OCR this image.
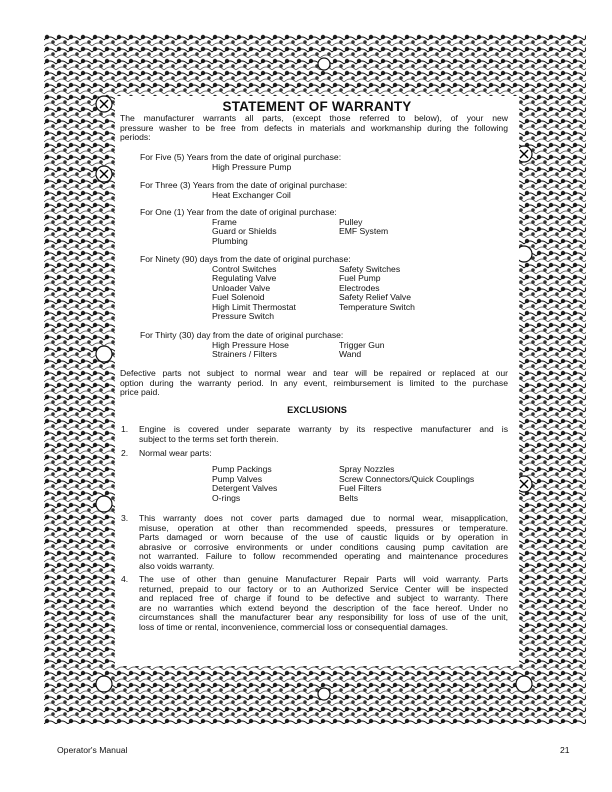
STATEMENT OF WARRANTY
The manufacturer warrants all parts, (except those referred to below), of your new
pressure washer to be free from defects in materials and workmanship during the following
periods:
For Five (5) Years from the date of original purchase:
High Pressure Pump
For Three (3) Years from the date of original purchase:
Heat Exchanger Coil
For One (1) Year from the date of original purchase:
Frame
Guard or Shields
Plumbing
Pulley
EMF System
For Ninety (90) days from the date of original purchase:
Control Switches
Regulating Valve
Unloader Valve
Fuel Solenoid
High Limit Thermostat
Pressure Switch
Safety Switches
Fuel Pump
Electrodes
Safety Relief Valve
Temperature Switch
For Thirty (30) day from the date of original purchase:
High Pressure Hose
Strainers / Filters
Trigger Gun
Wand
Defective parts not subject to normal wear and tear will be repaired or replaced at our
option during the warranty period. In any event, reimbursement is limited to the purchase
price paid.
EXCLUSIONS
1. Engine is covered under separate warranty by its respective manufacturer and is
subject to the terms set forth therein.
2. Normal wear parts:
Pump Packings
Pump Valves
Detergent Valves
O-rings
Spray Nozzles
Screw Connectors/Quick Couplings
Fuel Filters
Belts
3. This warranty does not cover parts damaged due to normal wear, misapplication,
misuse, operation at other than recommended speeds, pressures or temperature.
Parts damaged or worn because of the use of caustic liquids or by operation in
abrasive or corrosive environments or under conditions causing pump cavitation are
not warranted. Failure to follow recommended operating and maintenance procedures
also voids warranty.
4. The use of other than genuine Manufacturer Repair Parts will void warranty. Parts
returned, prepaid to our factory or to an Authorized Service Center will be inspected
and replaced free of charge if found to be defective and subject to warranty. There
are no warranties which extend beyond the description of the face hereof. Under no
circumstances shall the manufacturer bear any responsibility for loss of use of the unit,
loss of time or rental, inconvenience, commercial loss or consequential damages.
Operator's Manual	21
